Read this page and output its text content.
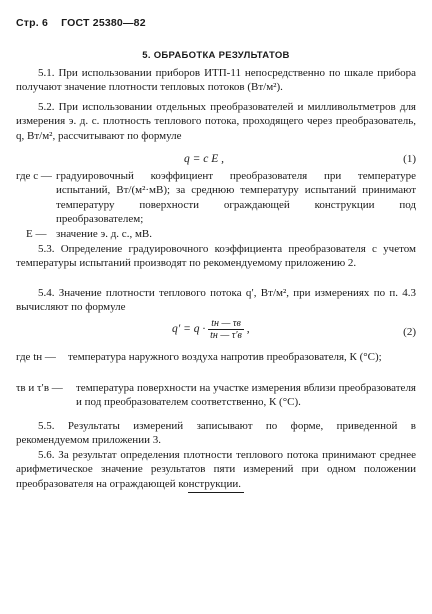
Стр. 6 ГОСТ 25380—82
5. ОБРАБОТКА РЕЗУЛЬТАТОВ
5.1. При использовании приборов ИТП-11 непосредственно по шкале прибора получают значение плотности тепловых потоков (Вт/м²).
5.2. При использовании отдельных преобразователей и милливольтметров для измерения э. д. с. плотность теплового потока, проходящего через преобразователь, q, Вт/м², рассчитывают по формуле
q = c E ,	(1)
где c — градуировочный коэффициент преобразователя при температуре испытаний, Вт/(м²·мВ); за среднюю температуру испытаний принимают температуру поверхности ограждающей конструкции под преобразователем;
E — значение э. д. с., мВ.
5.3. Определение градуировочного коэффициента преобразователя с учетом температуры испытаний производят по рекомендуемому приложению 2.
5.4. Значение плотности теплового потока q′, Вт/м², при измерениях по п. 4.3 вычисляют по формуле
$q' = q \cdot \frac{tн — \tau в}{tн — \tau'в}$ ,	(2)
где tн — температура наружного воздуха напротив преобразователя, К (°С);
τв и τ′в — температура поверхности на участке измерения вблизи преобразователя и под преобразователем соответственно, К (°С).
5.5. Результаты измерений записывают по форме, приведенной в рекомендуемом приложении 3.
5.6. За результат определения плотности теплового потока принимают среднее арифметическое значение результатов пяти измерений при одном положении преобразователя на ограждающей конструкции.
